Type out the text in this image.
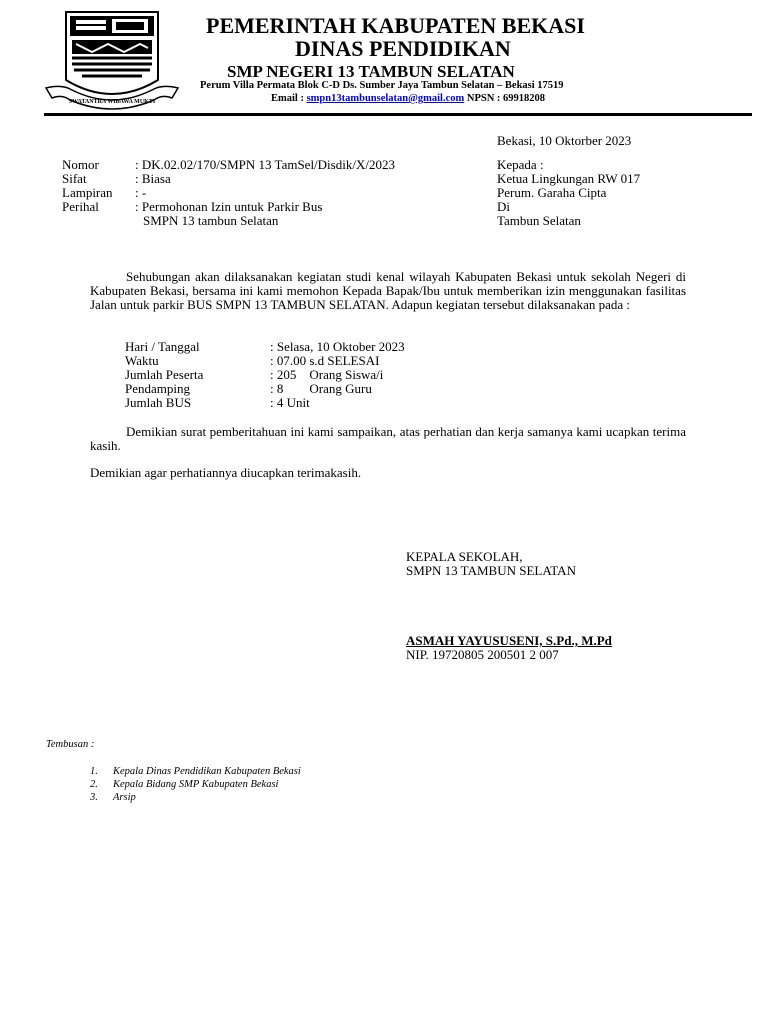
SWATANTRA WIBAWA MUKTI
PEMERINTAH KABUPATEN BEKASI
DINAS PENDIDIKAN
SMP NEGERI 13 TAMBUN SELATAN
Perum Villa Permata Blok C-D Ds. Sumber Jaya Tambun Selatan – Bekasi 17519
Email : smpn13tambunselatan@gmail.com NPSN : 69918208
Bekasi, 10 Oktorber 2023
Nomor	: DK.02.02/170/SMPN 13 TamSel/Disdik/X/2023
Sifat	: Biasa
Lampiran : -
Perihal	: Permohonan Izin untuk Parkir Bus
SMPN 13 tambun Selatan
Kepada :
Ketua Lingkungan RW 017
Perum. Garaha Cipta
Di
Tambun Selatan
Sehubungan akan dilaksanakan kegiatan studi kenal wilayah Kabupaten Bekasi untuk sekolah Negeri di Kabupaten Bekasi, bersama ini kami memohon Kepada Bapak/Ibu untuk memberikan izin menggunakan fasilitas Jalan untuk parkir BUS SMPN 13 TAMBUN SELATAN. Adapun kegiatan tersebut dilaksanakan pada :
Hari / Tanggal	: Selasa, 10 Oktober 2023
Waktu	: 07.00 s.d SELESAI
Jumlah Peserta	: 205    Orang Siswa/i
Pendamping	: 8        Orang Guru
Jumlah BUS	: 4 Unit
Demikian surat pemberitahuan ini kami sampaikan, atas perhatian dan kerja samanya kami ucapkan terima kasih.
Demikian agar perhatiannya diucapkan terimakasih.
KEPALA SEKOLAH,
SMPN 13 TAMBUN SELATAN
ASMAH YAYUSUSENI, S.Pd., M.Pd
NIP. 19720805 200501 2 007
Tembusan :
1. Kepala Dinas Pendidikan Kabupaten Bekasi
2. Kepala Bidang SMP Kabupaten Bekasi
3. Arsip
